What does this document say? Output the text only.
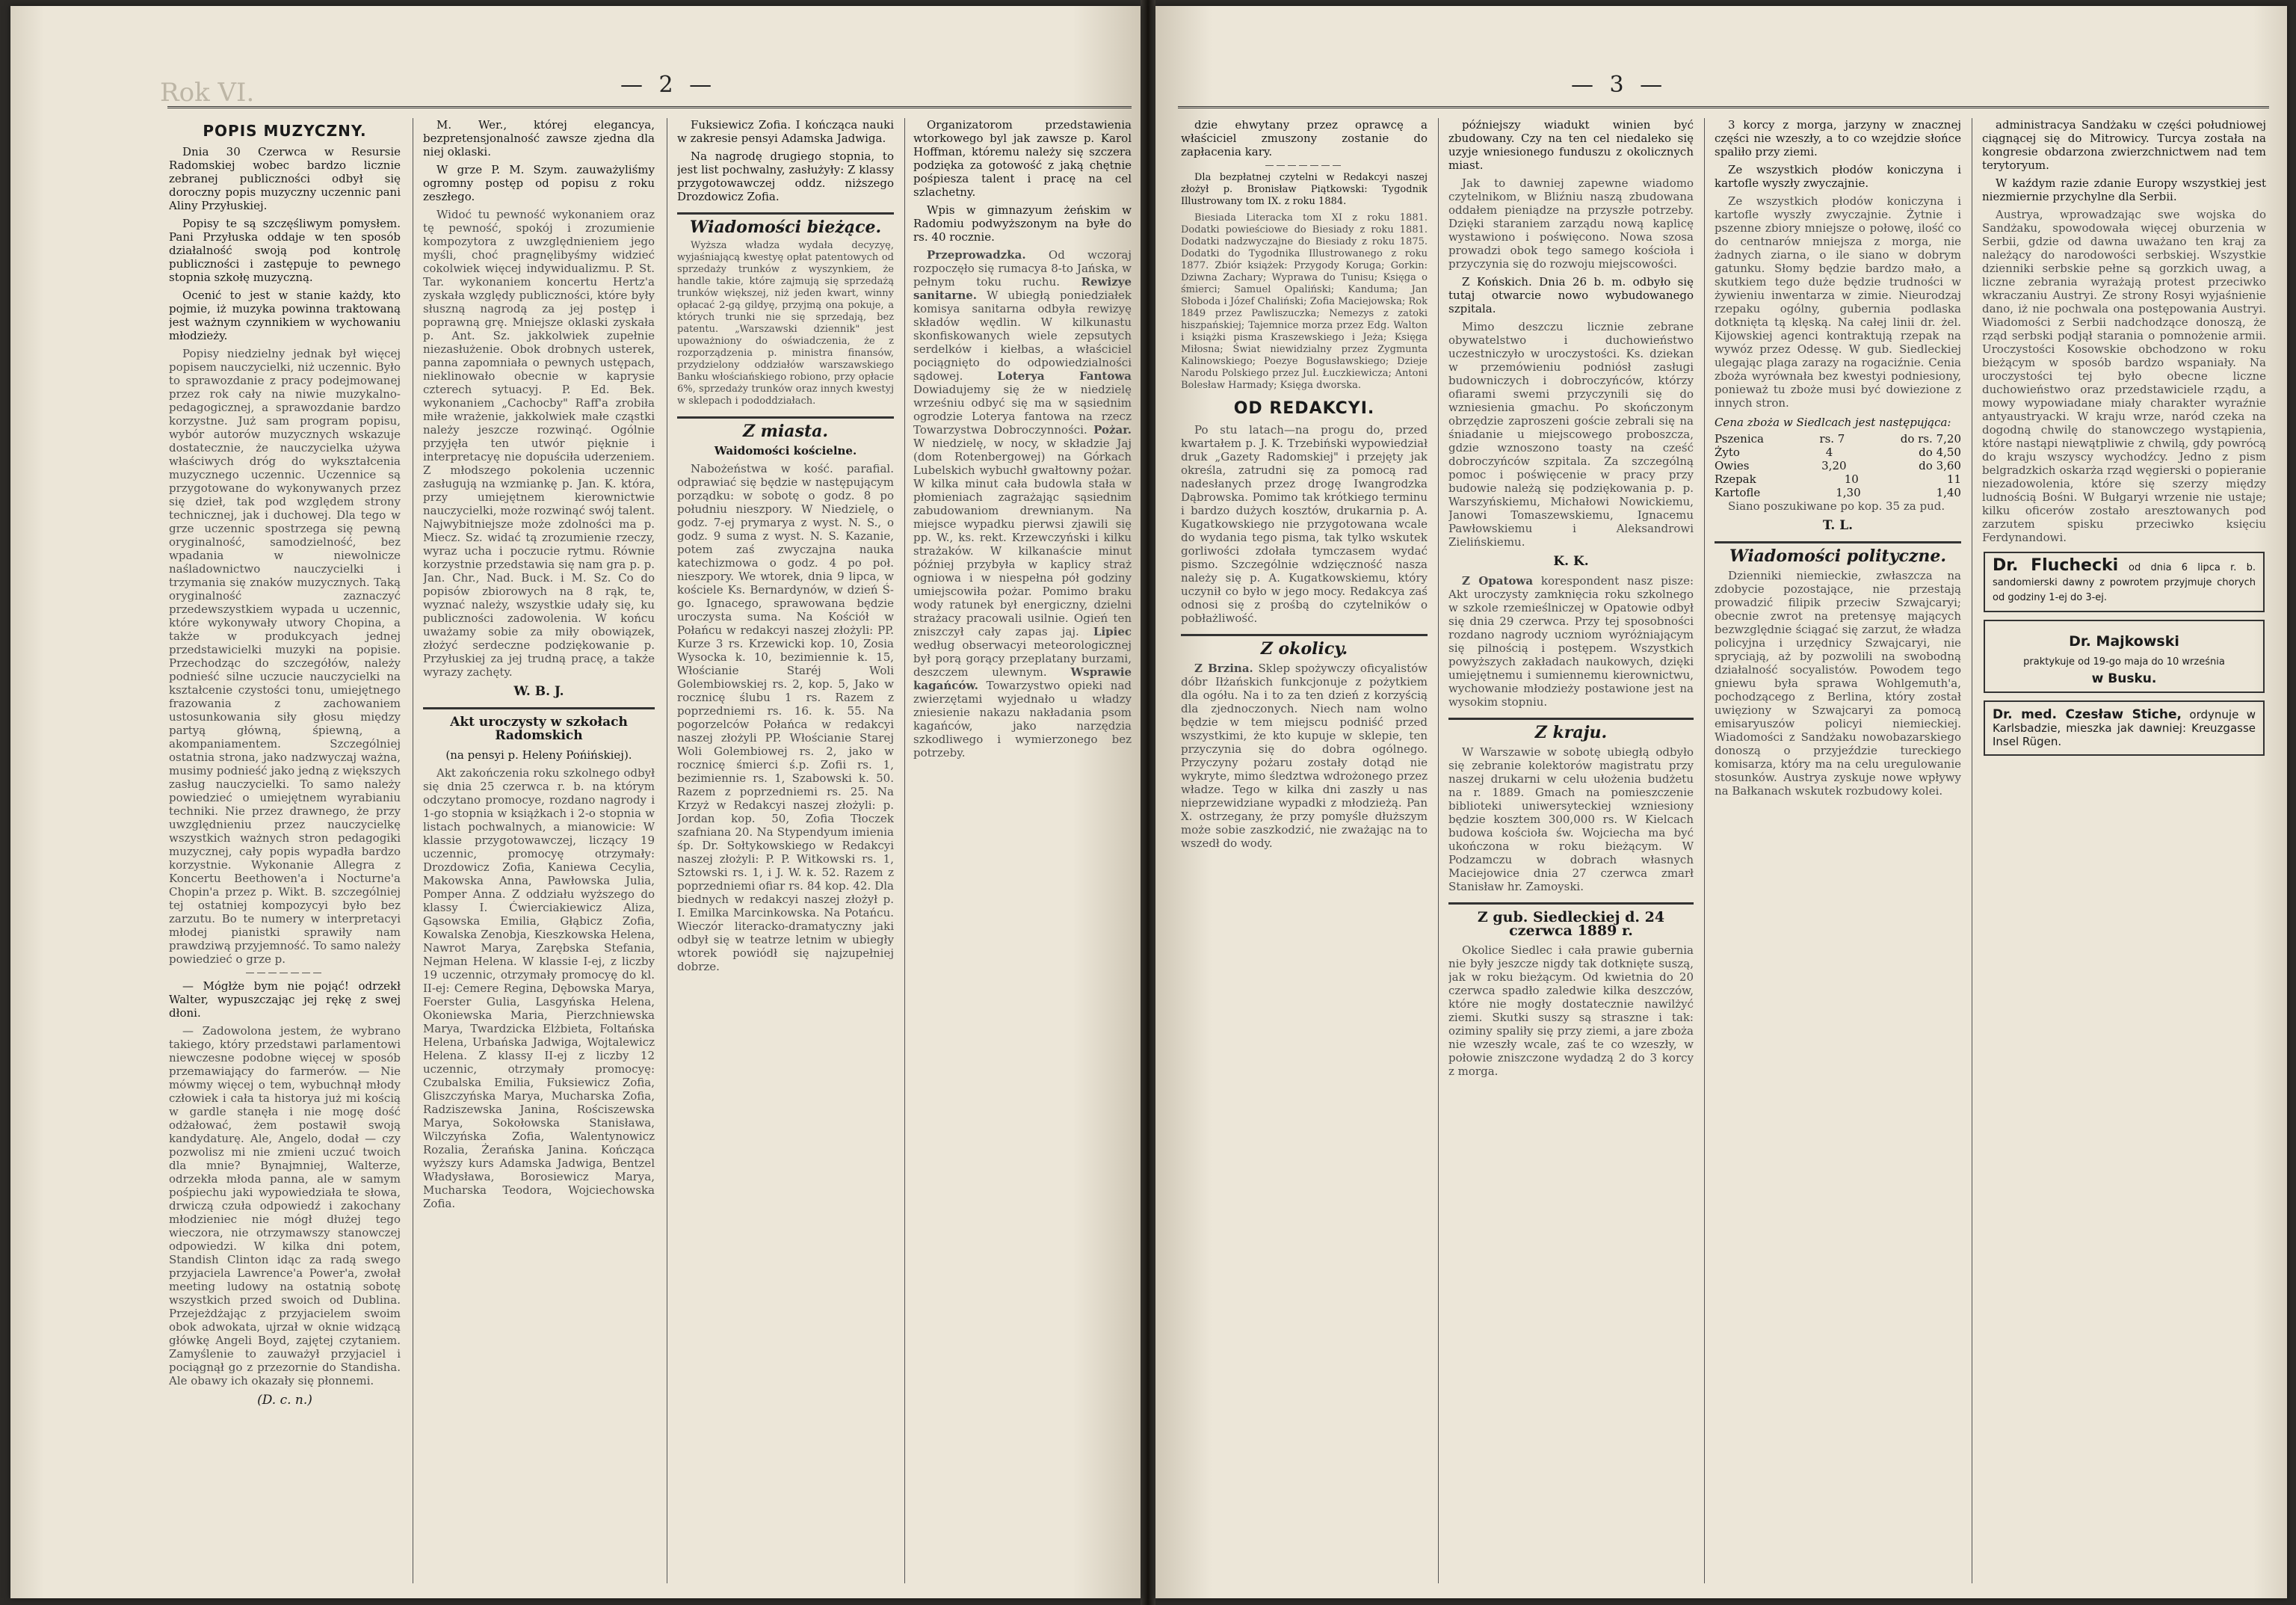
Rok VI.	— 2 —
POPIS MUZYCZNY.

Dnia 30 Czerwca w Resursie Radomskiej wobec bardzo licznie zebranej publiczności odbył się doroczny popis muzyczny uczennic pani Aliny Przyłuskiej.

Popisy te są szczęśliwym pomysłem. Pani Przyłuska oddaje w ten sposób działalność swoją pod kontrolę publiczności i zastępuje to pewnego stopnia szkołę muzyczną.

Ocenić to jest w stanie każdy, kto pojmie, iż muzyka powinna traktowaną jest ważnym czynnikiem w wychowaniu młodzieży.

Popisy niedzielny jednak był więcej popisem nauczycielki, niż uczennic. Było to sprawozdanie z pracy podejmowanej przez rok cały na niwie muzykalno-pedagogicznej, a sprawozdanie bardzo korzystne. Już sam program popisu, wybór autorów muzycznych wskazuje dostatecznie, że nauczycielka używa właściwych dróg do wykształcenia muzycznego uczennic. Uczennice są przygotowane do wykonywanych przez się dzieł, tak pod względem strony technicznej, jak i duchowej. Dla tego w grze uczennic spostrzega się pewną oryginalność, samodzielność, bez wpadania w niewolnicze naśladownictwo nauczycielki i trzymania się znaków muzycznych. Taką oryginalność zaznaczyć przedewszystkiem wypada u uczennic, które wykonywały utwory Chopina, a także w produkcyach jednej przedstawicielki muzyki na popisie. Przechodząc do szczegółów, należy podnieść silne uczucie nauczycielki na kształcenie czystości tonu, umiejętnego frazowania z zachowaniem ustosunkowania siły głosu między partyą główną, śpiewną, a akompaniamentem. Szczególniej ostatnia strona, jako nadzwyczaj ważna, musimy podnieść jako jedną z większych zasług nauczycielki. To samo należy powiedzieć o umiejętnem wyrabianiu techniki. Nie przez drawnego, że przy uwzględnieniu przez nauczycielkę wszystkich ważnych stron pedagogiki muzycznej, cały popis wypadła bardzo korzystnie. Wykonanie Allegra z Koncertu Beethowen'a i Nocturne'a Chopin'a przez p. Wikt. B. szczególniej tej ostatniej kompozycyi było bez zarzutu. Bo te numery w interpretacyi młodej pianistki sprawiły nam prawdziwą przyjemność. To samo należy powiedzieć o grze p.

———————

— Mógłże bym nie pojąć! odrzekł Walter, wypuszczając jej rękę z swej dłoni.

— Zadowolona jestem, że wybrano takiego, który przedstawi parlamentowi niewczesne podobne więcej w sposób przemawiający do farmerów. — Nie mówmy więcej o tem, wybuchnął młody człowiek i cała ta historya już mi kością w gardle stanęła i nie mogę dość odżałować, żem postawił swoją kandydaturę. Ale, Angelo, dodał — czy pozwolisz mi nie zmieni uczuć twoich dla mnie? Bynajmniej, Walterze, odrzekła młoda panna, ale w samym pośpiechu jaki wypowiedziała te słowa, drwiczą czuła odpowiedź i zakochany młodzieniec nie mógł dłużej tego wieczora, nie otrzymawszy stanowczej odpowiedzi. W kilka dni potem, Standish Clinton idąc za radą swego przyjaciela Lawrence'a Power'a, zwołał meeting ludowy na ostatnią sobotę wszystkich przed swoich od Dublina. Przejeżdżając z przyjacielem swoim obok adwokata, ujrzał w oknie widzącą główkę Angeli Boyd, zajętej czytaniem. Zamyślenie to zauważył przyjaciel i pociągnął go z przezornie do Standisha. Ale obawy ich okazały się płonnemi.

(D. c. n.)

M. Wer., której elegancya, bezpretensjonalność zawsze zjedna dla niej oklaski.

W grze P. M. Szym. zauważyliśmy ogromny postęp od popisu z roku zeszłego.

Widoć tu pewność wykonaniem oraz tę pewność, spokój i zrozumienie kompozytora z uwzględnieniem jego myśli, choć pragnęlibyśmy widzieć cokolwiek więcej indywidualizmu. P. St. Tar. wykonaniem koncertu Hertz'a zyskała względy publiczności, które były słuszną nagrodą za jej postęp i poprawną grę. Mniejsze oklaski zyskała p. Ant. Sz. jakkolwiek zupełnie niezasłużenie. Obok drobnych usterek, panna zapomniała o pewnych ustępach, nieklinowało obecnie w kaprysie czterech sytuacyj. P. Ed. Bek. wykonaniem „Cachocby" Raff'a zrobiła miłe wrażenie, jakkolwiek małe cząstki należy jeszcze rozwinąć. Ogólnie przyjęła ten utwór pięknie i interpretacyę nie dopuściła uderzeniem. Z młodszego pokolenia uczennic zasługują na wzmiankę p. Jan. K. która, przy umiejętnem kierownictwie nauczycielki, może rozwinąć swój talent. Najwybitniejsze może zdolności ma p. Miecz. Sz. widać tą zrozumienie rzeczy, wyraz ucha i poczucie rytmu. Równie korzystnie przedstawia się nam gra p. p. Jan. Chr., Nad. Buck. i M. Sz. Co do popisów zbiorowych na 8 rąk, te, wyznać należy, wszystkie udały się, ku publiczności zadowolenia. W końcu uważamy sobie za miły obowiązek, złożyć serdeczne podziękowanie p. Przyłuskiej za jej trudną pracę, a także wyrazy zachęty.

W. B. J.
Akt uroczysty w szkołach Radomskich
(na pensyi p. Heleny Pońińskiej).

Akt zakończenia roku szkolnego odbył się dnia 25 czerwca r. b. na którym odczytano promocye, rozdano nagrody i 1-go stopnia w książkach i 2-o stopnia w listach pochwalnych, a mianowicie: W klassie przygotowawczej, liczący 19 uczennic, promocyę otrzymały: Drozdowicz Zofia, Kaniewa Cecylia, Makowska Anna, Pawłowska Julia, Pomper Anna. Z oddziału wyższego do klassy I. Ćwierciakiewicz Aliza, Gąsowska Emilia, Głąbicz Zofia, Kowalska Zenobja, Kieszkowska Helena, Nawrot Marya, Zarębska Stefania, Nejman Helena. W klassie I-ej, z liczby 19 uczennic, otrzymały promocyę do kl. II-ej: Cemere Regina, Dębowska Marya, Foerster Gulia, Lasgyńska Helena, Okoniewska Maria, Pierzchniewska Marya, Twardzicka Elżbieta, Foltańska Helena, Urbańska Jadwiga, Wojtalewicz Helena. Z klassy II-ej z liczby 12 uczennic, otrzymały promocyę: Czubalska Emilia, Fuksiewicz Zofia, Gliszczyńska Marya, Mucharska Zofia, Radziszewska Janina, Rościszewska Marya, Sokołowska Stanisława, Wilczyńska Zofia, Walentynowicz Rozalia, Żerańska Janina. Kończąca wyższy kurs Adamska Jadwiga, Bentzel Władysława, Borosiewicz Marya, Mucharska Teodora, Wojciechowska Zofia.

Fuksiewicz Zofia. I kończąca nauki w zakresie pensyi Adamska Jadwiga.

Na nagrodę drugiego stopnia, to jest list pochwalny, zasłużyły: Z klassy przygotowawczej oddz. niższego Drozdowicz Zofia.

Wiadomości bieżące.

Wyższa władza wydała decyzyę, wyjaśniającą kwestyę opłat patentowych od sprzedaży trunków z wyszynkiem, że handle takie, które zajmują się sprzedażą trunków większej, niż jeden kwart, winny opłacać 2-gą gildyę, przyjmą ona pokuje, a których trunki nie się sprzedają, bez patentu. „Warszawski dziennik" jest upoważniony do oświadczenia, że z rozporządzenia p. ministra finansów, przydzielony oddziałów warszawskiego Banku włościańskiego robiono, przy opłacie 6%, sprzedaży trunków oraz innych kwestyj w sklepach i pododdziałach.

Z miasta.
Waidomości kościelne.

Nabożeństwa w kość. parafial. odprawiać się będzie w następującym porządku: w sobotę o godz. 8 po południu nieszpory. W Niedzielę, o godz. 7-ej prymarya z wyst. N. S., o godz. 9 suma z wyst. N. S. Kazanie, potem zaś zwyczajna nauka katechizmowa o godz. 4 po poł. nieszpory. We wtorek, dnia 9 lipca, w kościele Ks. Bernardynów, w dzień Ś-go. Ignacego, sprawowana będzie uroczysta suma. Na Kościół w Połańcu w redakcyi naszej złożyli: PP. Kurze 3 rs. Krzewicki kop. 10, Zosia Wysocka k. 10, bezimiennie k. 15, Włościanie Staréj Woli Golembiowskiej rs. 2, kop. 5, Jako w rocznicę ślubu 1 rs. Razem z poprzedniemi rs. 16. k. 55. Na pogorzelców Połańca w redakcyi naszej złożyli PP. Włościanie Starej Woli Golembiowej rs. 2, jako w rocznicę śmierci ś.p. Zofii rs. 1, bezimiennie rs. 1, Szabowski k. 50. Razem z poprzedniemi rs. 25. Na Krzyż w Redakcyi naszej złożyli: p. Jordan kop. 50, Zofia Tłoczek szafniana 20. Na Stypendyum imienia śp. Dr. Sołtykowskiego w Redakcyi naszej złożyli: P. P. Witkowski rs. 1, Sztowski rs. 1, i J. W. k. 52. Razem z poprzedniemi ofiar rs. 84 kop. 42. Dla biednych w redakcyi naszej złożył p. I. Emilka Marcinkowska. Na Potańcu. Wieczór literacko-dramatyczny jaki odbył się w teatrze letnim w ubiegły wtorek powiódł się najzupełniej dobrze.

Organizatorom przedstawienia wtorkowego byl jak zawsze p. Karol Hoffman, któremu należy się szczera podzięka za gotowość z jaką chętnie pośpiesza talent i pracę na cel szlachetny.

Wpis w gimnazyum żeńskim w Radomiu podwyższonym na byłe do rs. 40 rocznie.

Przeprowadzka. Od wczoraj rozpoczęło się rumacya 8-to Jańska, w pełnym toku ruchu. Rewizye sanitarne. W ubiegłą poniedziałek komisya sanitarna odbyła rewizyę składów wędlin. W kilkunastu skonfiskowanych wiele zepsutych serdelków i kiełbas, a właściciel pociągnięto do odpowiedzialności sądowej. Loterya Fantowa Dowiadujemy się że w niedzielę wrześniu odbyć się ma w sąsiednim ogrodzie Loterya fantowa na rzecz Towarzystwa Dobroczynności. Pożar. W niedzielę, w nocy, w składzie Jaj (dom Rotenbergowej) na Górkach Lubelskich wybuchł gwałtowny pożar. W kilka minut cała budowla stała w płomieniach zagrażając sąsiednim zabudowaniom drewnianym. Na miejsce wypadku pierwsi zjawili się pp. W., ks. rekt. Krzewczyński i kilku strażaków. W kilkanaście minut później przybyła w kaplicy straż ogniowa i w niespełna pół godziny umiejscowiła pożar. Pomimo braku wody ratunek był energiczny, dzielni strażacy pracowali usilnie. Ogień ten zniszczył cały zapas jaj. Lipiec według obserwacyi meteorologicznej był porą gorący przeplatany burzami, deszczem ulewnym. Wsprawie kagańców. Towarzystwo opieki nad zwierzętami wyjednało u władzy zniesienie nakazu nakładania psom kagańców, jako narzędzia szkodliwego i wymierzonego bez potrzeby.

— 3 —

dzie ehwytany przez oprawcę a właściciel zmuszony zostanie do zapłacenia kary.

———————

Dla bezpłatnej czytelni w Redakcyi naszej złożył p. Bronisław Piątkowski: Tygodnik Illustrowany tom IX. z roku 1884.

Biesiada Literacka tom XI z roku 1881. Dodatki powieściowe do Biesiady z roku 1881. Dodatki nadzwyczajne do Biesiady z roku 1875. Dodatki do Tygodnika Illustrowanego z roku 1877. Zbiór książek: Przygody Koruga; Gorkin: Dziwna Zachary; Wyprawa do Tunisu; Księga o śmierci; Samuel Opaliński; Kanduma; Jan Słoboda i Józef Chaliński; Zofia Maciejowska; Rok 1849 przez Pawliszuczka; Nemezys z zatoki hiszpańskiej; Tajemnice morza przez Edg. Walton i książki pisma Kraszewskiego i Jeża; Księga Miłosna; Świat niewidzialny przez Zygmunta Kalinowskiego; Poezye Bogusławskiego; Dzieje Narodu Polskiego przez Jul. Łuczkiewicza; Antoni Bolesław Harmady; Księga dworska.

OD REDAKCYI.

Po stu latach—na progu do, przed kwartałem p. J. K. Trzebiński wypowiedział druk „Gazety Radomskiej" i przejęty jak określa, zatrudni się za pomocą rad nadesłanych przez drogę Iwangrodzka Dąbrowska. Pomimo tak krótkiego terminu i bardzo dużych kosztów, drukarnia p. A. Kugatkowskiego nie przygotowana wcale do wydania tego pisma, tak tylko wskutek gorliwości zdołała tymczasem wydać pismo. Szczególnie wdzięczność nasza należy się p. A. Kugatkowskiemu, który uczynił co było w jego mocy. Redakcya zaś odnosi się z prośbą do czytelników o pobłażliwość.

Z okolicy.

Z Brzina. Sklep spożywczy oficyalistów dóbr Iłżańskich funkcjonuje z pożytkiem dla ogółu. Na i to za ten dzień z korzyścią dla zjednoczonych. Niech nam wolno będzie w tem miejscu podniść przed wszystkimi, że kto kupuje w sklepie, ten przyczynia się do dobra ogólnego. Przyczyny pożaru zostały dotąd nie wykryte, mimo śledztwa wdrożonego przez władze. Tego w kilka dni zaszły u nas nieprzewidziane wypadki z młodzieżą. Pan X. ostrzegany, że przy pomyśle dłuższym może sobie zaszkodzić, nie zważając na to wszedł do wody.

późniejszy wiadukt winien być zbudowany. Czy na ten cel niedaleko się uzyje wniesionego funduszu z okolicznych miast.

Jak to dawniej zapewne wiadomo czytelnikom, w Bliźniu naszą zbudowana oddałem pieniądze na przyszłe potrzeby. Dzięki staraniem zarządu nową kaplicę wystawiono i poświęcono. Nowa szosa prowadzi obok tego samego kościoła i przyczynia się do rozwoju miejscowości.

Z Końskich. Dnia 26 b. m. odbyło się tutaj otwarcie nowo wybudowanego szpitala.

Mimo deszczu licznie zebrane obywatelstwo i duchowieństwo uczestniczyło w uroczystości. Ks. dziekan w przemówieniu podniósł zasługi budowniczych i dobroczyńców, którzy ofiarami swemi przyczynili się do wzniesienia gmachu. Po skończonym obrzędzie zaproszeni goście zebrali się na śniadanie u miejscowego proboszcza, gdzie wznoszono toasty na cześć dobroczyńców szpitala. Za szczególną pomoc i poświęcenie w pracy przy budowie należą się podziękowania p. p. Warszyńskiemu, Michałowi Nowickiemu, Janowi Tomaszewskiemu, Ignacemu Pawłowskiemu i Aleksandrowi Zielińskiemu.

K. K.

Z Opatowa korespondent nasz pisze: Akt uroczysty zamknięcia roku szkolnego w szkole rzemieślniczej w Opatowie odbył się dnia 29 czerwca. Przy tej sposobności rozdano nagrody uczniom wyróżniającym się pilnością i postępem. Wszystkich powyższych zakładach naukowych, dzięki umiejętnemu i sumiennemu kierownictwu, wychowanie młodzieży postawione jest na wysokim stopniu.

Z kraju.

W Warszawie w sobotę ubiegłą odbyło się zebranie kolektorów magistratu przy naszej drukarni w celu ułożenia budżetu na r. 1889. Gmach na pomieszczenie biblioteki uniwersyteckiej wzniesiony będzie kosztem 300,000 rs. W Kielcach budowa kościoła św. Wojciecha ma być ukończona w roku bieżącym. W Podzamczu w dobrach własnych Maciejowice dnia 27 czerwca zmarł Stanisław hr. Zamoyski.

Z gub. Siedleckiej d. 24 czerwca 1889 r.

Okolice Siedlec i cała prawie gubernia nie były jeszcze nigdy tak dotknięte suszą, jak w roku bieżącym. Od kwietnia do 20 czerwca spadło zaledwie kilka deszczów, które nie mogły dostatecznie nawilżyć ziemi. Skutki suszy są straszne i tak: oziminy spaliły się przy ziemi, a jare zboża nie wzeszły wcale, zaś te co wzeszły, w połowie zniszczone wydadzą 2 do 3 korcy z morga.

3 korcy z morga, jarzyny w znacznej części nie wzeszły, a to co wzejdzie słońce spaliło przy ziemi.

Ze wszystkich płodów koniczyna i kartofle wyszły zwyczajnie.

Ze wszystkich płodów koniczyna i kartofle wyszły zwyczajnie. Żytnie i pszenne zbiory mniejsze o połowę, ilość co do centnarów mniejsza z morga, nie żadnych ziarna, o ile siano w dobrym gatunku. Słomy będzie bardzo mało, a skutkiem tego duże będzie trudności w żywieniu inwentarza w zimie. Nieurodzaj rzepaku ogólny, gubernia podlaska dotknięta tą klęską. Na całej linii dr. żel. Kijowskiej agenci kontraktują rzepak na wywóz przez Odessę. W gub. Siedleckiej ulegając plaga zarazy na rogaciźnie. Cenia zboża wyrównała bez kwestyi podniesiony, ponieważ tu zboże musi być dowiezione z innych stron.

Cena zboża w Siedlcach jest następująca:
Pszenica	rs. 7	do rs. 7,20
Żyto	4	do 4,50
Owies	3,20	do 3,60
Rzepak	10	11
Kartofle	1,30	1,40

Siano poszukiwane po kop. 35 za pud.

T. L.
Wiadomości polityczne.

Dzienniki niemieckie, zwłaszcza na zdobycie pozostające, nie przestają prowadzić filipik przeciw Szwajcaryi; obecnie zwrot na pretensyę mających bezwzględnie ściągać się zarzut, że władza policyjna i urzędnicy Szwajcaryi, nie spryciają, aż by pozwolili na swobodną działalność socyalistów. Powodem tego gniewu była sprawa Wohlgemuth'a, pochodzącego z Berlina, który został uwięziony w Szwajcaryi za pomocą emisaryuszów policyi niemieckiej. Wiadomości z Sandżaku nowobazarskiego donoszą o przyjeździe tureckiego komisarza, który ma na celu uregulowanie stosunków. Austrya zyskuje nowe wpływy na Bałkanach wskutek rozbudowy kolei.

administracya Sandżaku w części południowej ciągnącej się do Mitrowicy. Turcya została na kongresie obdarzona zwierzchnictwem nad tem terytoryum.

W kaźdym razie zdanie Europy wszystkiej jest niezmiernie przychylne dla Serbii.

Austrya, wprowadzając swe wojska do Sandżaku, spowodowała więcej oburzenia w Serbii, gdzie od dawna uważano ten kraj za należący do narodowości serbskiej. Wszystkie dzienniki serbskie pełne są gorzkich uwag, a liczne zebrania wyrażają protest przeciwko wkraczaniu Austryi. Ze strony Rosyi wyjaśnienie dano, iż nie pochwala ona postępowania Austryi. Wiadomości z Serbii nadchodzące donoszą, że rząd serbski podjął starania o pomnożenie armii. Uroczystości Kosowskie obchodzono w roku bieżącym w sposób bardzo wspaniały. Na uroczystości tej było obecne liczne duchowieństwo oraz przedstawiciele rządu, a mowy wypowiadane miały charakter wyraźnie antyaustryacki. W kraju wrze, naród czeka na dogodną chwilę do stanowczego wystąpienia, które nastąpi niewątpliwie z chwilą, gdy powrócą do kraju wszyscy wychodźcy. Jedno z pism belgradzkich oskarża rząd węgierski o popieranie niezadowolenia, które się szerzy między ludnością Bośni. W Bułgaryi wrzenie nie ustaje; kilku oficerów zostało aresztowanych pod zarzutem spisku przeciwko księciu Ferdynandowi.

Dr. Fluchecki od dnia 6 lipca r. b. sandomierski dawny z powrotem przyjmuje chorych od godziny 1-ej do 3-ej.
Dr. Majkowski
praktykuje od 19-go maja do 10 września
w Busku.
Dr. med. Czesław Stiche, ordynuje w Karlsbadzie, mieszka jak dawniej: Kreuzgasse Insel Rügen.
